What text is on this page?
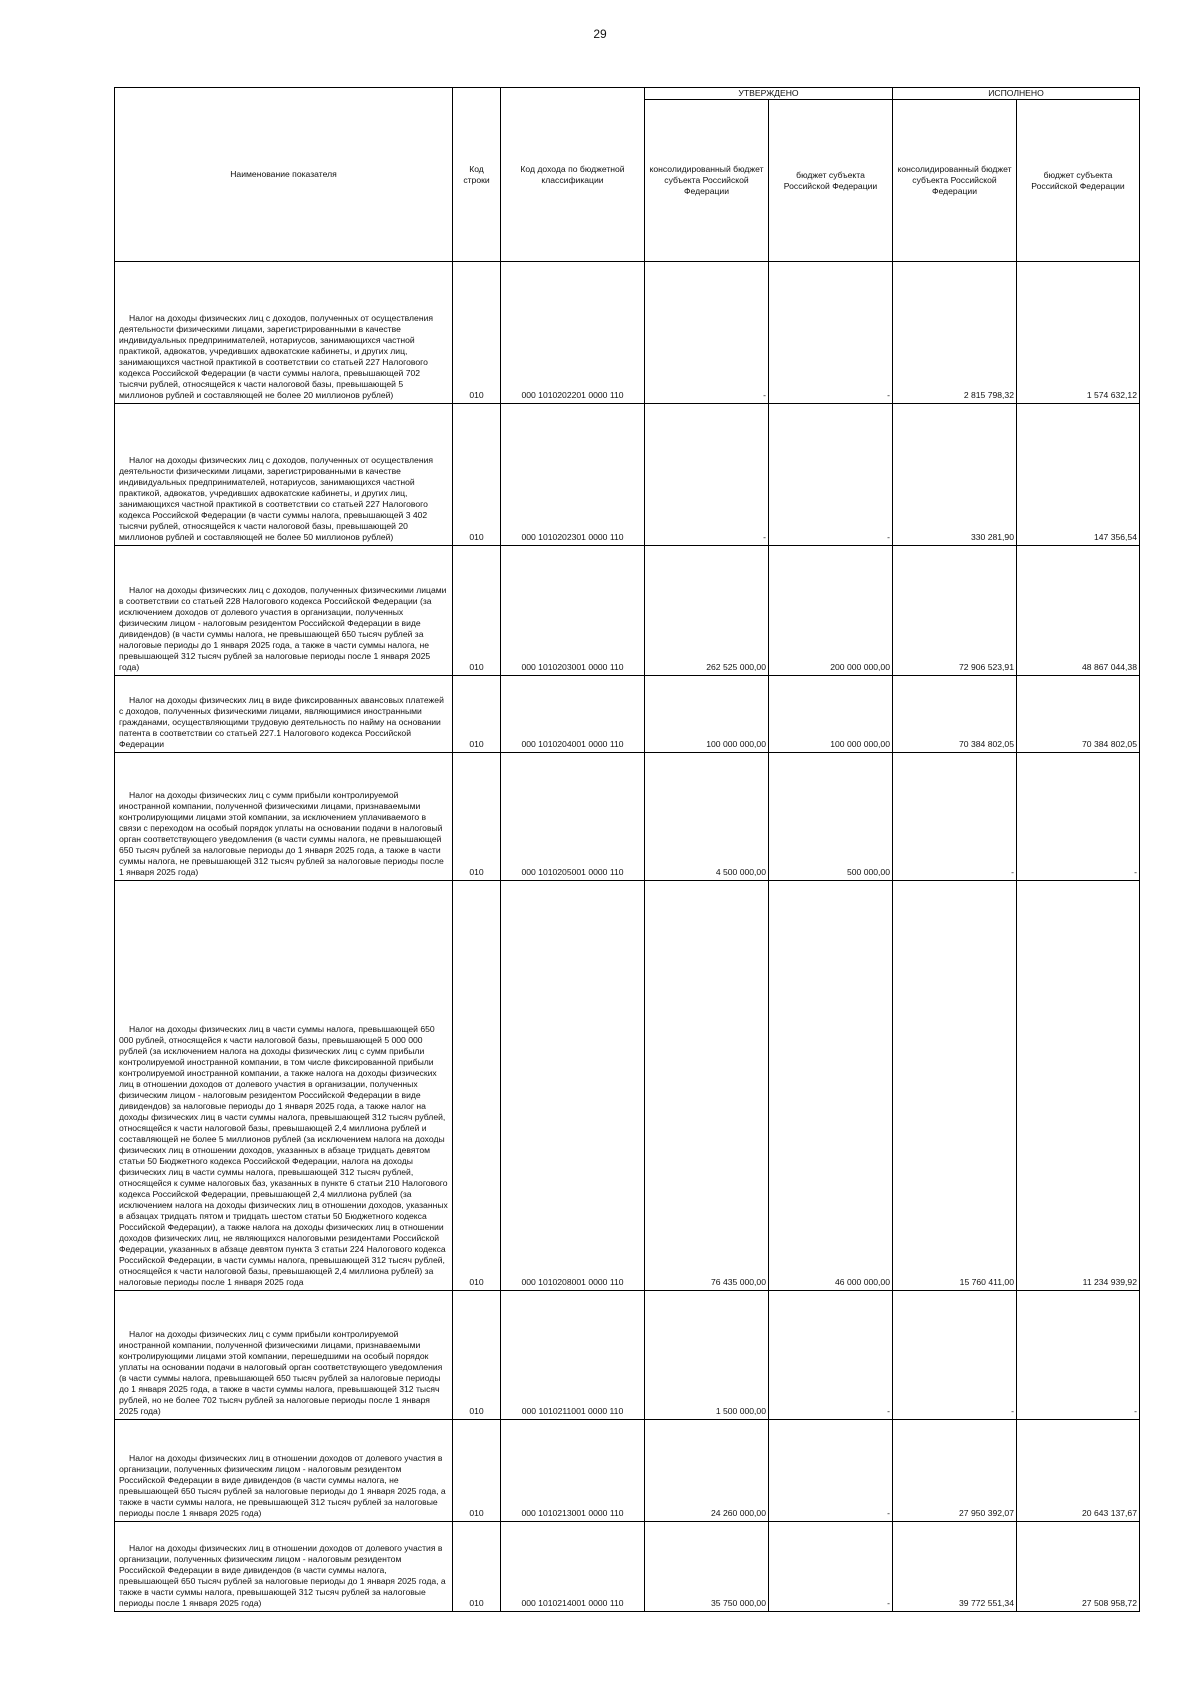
29
Наименование показателя	Код строки	Код дохода по бюджетной классификации	УТВЕРЖДЕНО		ИСПОЛНЕНО	
			консолидированный бюджет субъекта Российской Федерации	бюджет субъекта Российской Федерации	консолидированный бюджет субъекта Российской Федерации	бюджет субъекта Российской Федерации

Налог на доходы физических лиц с доходов, полученных от осуществления деятельности физическими лицами, зарегистрированными в качестве индивидуальных предпринимателей, нотариусов, занимающихся частной практикой, адвокатов, учредивших адвокатские кабинеты, и других лиц, занимающихся частной практикой в соответствии со статьей 227 Налогового кодекса Российской Федерации (в части суммы налога, превышающей 702 тысячи рублей, относящейся к части налоговой базы, превышающей 5 миллионов рублей и составляющей не более 20 миллионов рублей)	010	000 1010202201 0000 110	-	-	2 815 798,32	1 574 632,12

Налог на доходы физических лиц с доходов, полученных от осуществления деятельности физическими лицами, зарегистрированными в качестве индивидуальных предпринимателей, нотариусов, занимающихся частной практикой, адвокатов, учредивших адвокатские кабинеты, и других лиц, занимающихся частной практикой в соответствии со статьей 227 Налогового кодекса Российской Федерации (в части суммы налога, превышающей 3 402 тысячи рублей, относящейся к части налоговой базы, превышающей 20 миллионов рублей и составляющей не более 50 миллионов рублей)	010	000 1010202301 0000 110	-	-	330 281,90	147 356,54

Налог на доходы физических лиц с доходов, полученных физическими лицами в соответствии со статьей 228 Налогового кодекса Российской Федерации (за исключением доходов от долевого участия в организации, полученных физическим лицом - налоговым резидентом Российской Федерации в виде дивидендов) (в части суммы налога, не превышающей 650 тысяч рублей за налоговые периоды до 1 января 2025 года, а также в части суммы налога, не превышающей 312 тысяч рублей за налоговые периоды после 1 января 2025 года)	010	000 1010203001 0000 110	262 525 000,00	200 000 000,00	72 906 523,91	48 867 044,38

Налог на доходы физических лиц в виде фиксированных авансовых платежей с доходов, полученных физическими лицами, являющимися иностранными гражданами, осуществляющими трудовую деятельность по найму на основании патента в соответствии со статьей 227.1 Налогового кодекса Российской Федерации	010	000 1010204001 0000 110	100 000 000,00	100 000 000,00	70 384 802,05	70 384 802,05

Налог на доходы физических лиц с сумм прибыли контролируемой иностранной компании, полученной физическими лицами, признаваемыми контролирующими лицами этой компании, за исключением уплачиваемого в связи с переходом на особый порядок уплаты на основании подачи в налоговый орган соответствующего уведомления (в части суммы налога, не превышающей 650 тысяч рублей за налоговые периоды до 1 января 2025 года, а также в части суммы налога, не превышающей 312 тысяч рублей за налоговые периоды после 1 января 2025 года)	010	000 1010205001 0000 110	4 500 000,00	500 000,00	-	-

Налог на доходы физических лиц в части суммы налога, превышающей 650 000 рублей, относящейся к части налоговой базы, превышающей 5 000 000 рублей (за исключением налога на доходы физических лиц с сумм прибыли контролируемой иностранной компании, в том числе фиксированной прибыли контролируемой иностранной компании, а также налога на доходы физических лиц в отношении доходов от долевого участия в организации, полученных физическим лицом - налоговым резидентом Российской Федерации в виде дивидендов) за налоговые периоды до 1 января 2025 года, а также налог на доходы физических лиц в части суммы налога, превышающей 312 тысяч рублей, относящейся к части налоговой базы, превышающей 2,4 миллиона рублей и составляющей не более 5 миллионов рублей (за исключением налога на доходы физических лиц в отношении доходов, указанных в абзаце тридцать девятом статьи 50 Бюджетного кодекса Российской Федерации, налога на доходы физических лиц в части суммы налога, превышающей 312 тысяч рублей, относящейся к сумме налоговых баз, указанных в пункте 6 статьи 210 Налогового кодекса Российской Федерации, превышающей 2,4 миллиона рублей (за исключением налога на доходы физических лиц в отношении доходов, указанных в абзацах тридцать пятом и тридцать шестом статьи 50 Бюджетного кодекса Российской Федерации), а также налога на доходы физических лиц в отношении доходов физических лиц, не являющихся налоговыми резидентами Российской Федерации, указанных в абзаце девятом пункта 3 статьи 224 Налогового кодекса Российской Федерации, в части суммы налога, превышающей 312 тысяч рублей, относящейся к части налоговой базы, превышающей 2,4 миллиона рублей) за налоговые периоды после 1 января 2025 года	010	000 1010208001 0000 110	76 435 000,00	46 000 000,00	15 760 411,00	11 234 939,92

Налог на доходы физических лиц с сумм прибыли контролируемой иностранной компании, полученной физическими лицами, признаваемыми контролирующими лицами этой компании, перешедшими на особый порядок уплаты на основании подачи в налоговый орган соответствующего уведомления (в части суммы налога, превышающей 650 тысяч рублей за налоговые периоды до 1 января 2025 года, а также в части суммы налога, превышающей 312 тысяч рублей, но не более 702 тысяч рублей за налоговые периоды после 1 января 2025 года)	010	000 1010211001 0000 110	1 500 000,00	-	-	-

Налог на доходы физических лиц в отношении доходов от долевого участия в организации, полученных физическим лицом - налоговым резидентом Российской Федерации в виде дивидендов (в части суммы налога, не превышающей 650 тысяч рублей за налоговые периоды до 1 января 2025 года, а также в части суммы налога, не превышающей 312 тысяч рублей за налоговые периоды после 1 января 2025 года)	010	000 1010213001 0000 110	24 260 000,00	-	27 950 392,07	20 643 137,67

Налог на доходы физических лиц в отношении доходов от долевого участия в организации, полученных физическим лицом - налоговым резидентом Российской Федерации в виде дивидендов (в части суммы налога, превышающей 650 тысяч рублей за налоговые периоды до 1 января 2025 года, а также в части суммы налога, превышающей 312 тысяч рублей за налоговые периоды после 1 января 2025 года)	010	000 1010214001 0000 110	35 750 000,00	-	39 772 551,34	27 508 958,72
